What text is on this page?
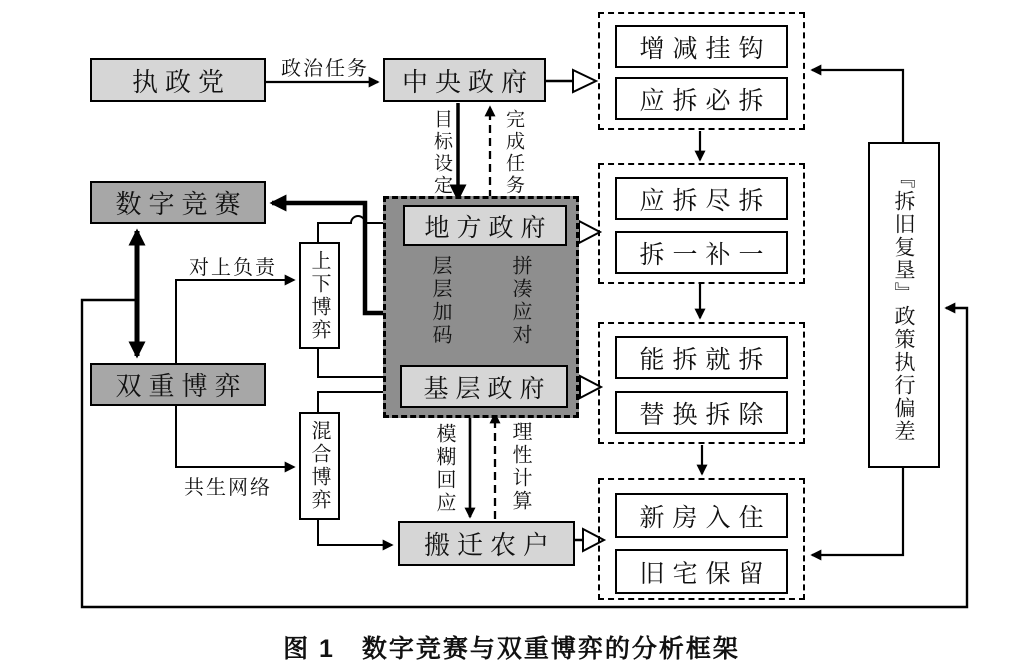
执政党	中央政府
地方政府
基层政府
搬迁农户
数字竞赛
双重博弈
上下博弈
混合博弈
『拆旧复垦』政策执行偏差
增减挂钩
应拆必拆
应拆尽拆
拆一补一
能拆就拆
替换拆除
新房入住
旧宅保留
政治任务
对上负责
共生网络
目标设定	完成任务
层层加码	拼凑应对
模糊回应	理性计算
图 1　数字竞赛与双重博弈的分析框架
